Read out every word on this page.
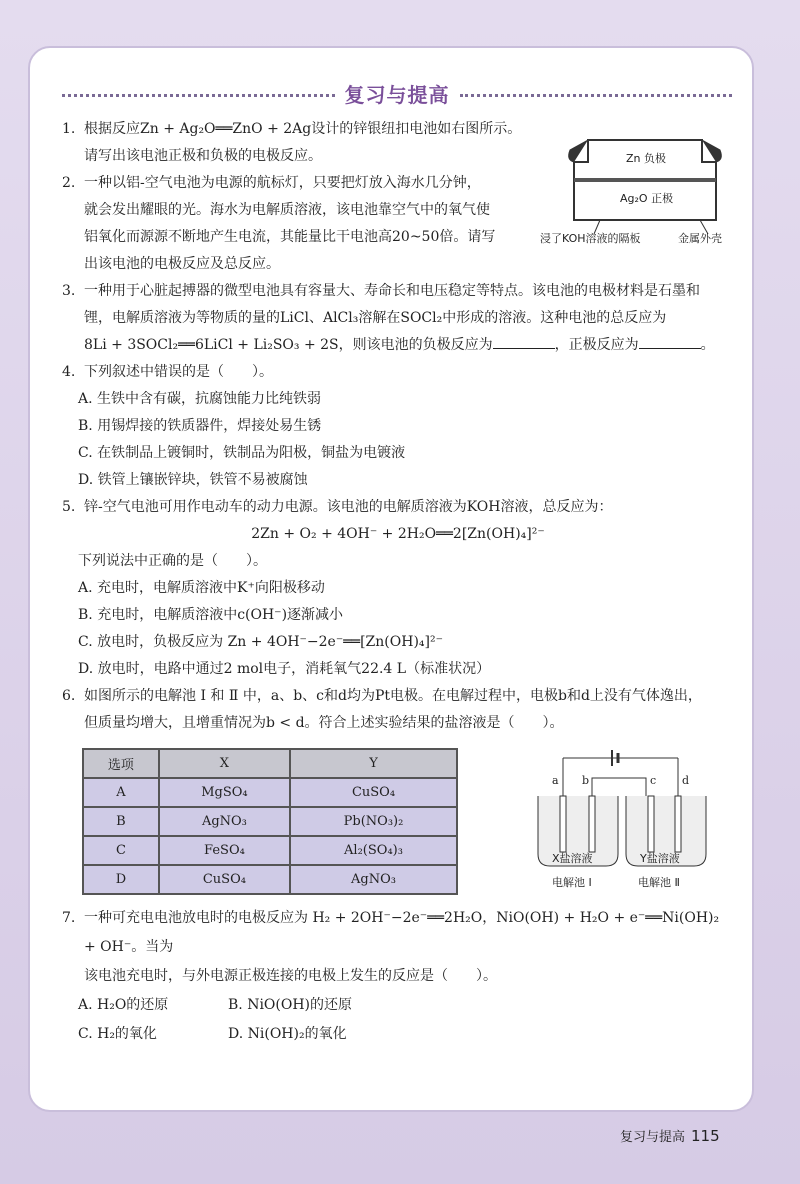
复习与提高
Zn 负极
Ag₂O 正极
浸了KOH溶液的隔板	金属外壳
1. 根据反应Zn + Ag₂O══ZnO + 2Ag设计的锌银纽扣电池如右图所示。
请写出该电池正极和负极的电极反应。
2. 一种以铝-空气电池为电源的航标灯，只要把灯放入海水几分钟，
就会发出耀眼的光。海水为电解质溶液，该电池靠空气中的氧气使
铝氧化而源源不断地产生电流，其能量比干电池高20~50倍。请写
出该电池的电极反应及总反应。
3. 一种用于心脏起搏器的微型电池具有容量大、寿命长和电压稳定等特点。该电池的电极材料是石墨和
锂，电解质溶液为等物质的量的LiCl、AlCl₃溶解在SOCl₂中形成的溶液。这种电池的总反应为
8Li + 3SOCl₂══6LiCl + Li₂SO₃ + 2S，则该电池的负极反应为	，正极反应为	。
4. 下列叙述中错误的是（　　）。
A. 生铁中含有碳，抗腐蚀能力比纯铁弱
B. 用锡焊接的铁质器件，焊接处易生锈
C. 在铁制品上镀铜时，铁制品为阳极，铜盐为电镀液
D. 铁管上镶嵌锌块，铁管不易被腐蚀
5. 锌-空气电池可用作电动车的动力电源。该电池的电解质溶液为KOH溶液，总反应为：
2Zn + O₂ + 4OH⁻ + 2H₂O══2[Zn(OH)₄]²⁻
下列说法中正确的是（　　）。
A. 充电时，电解质溶液中K⁺向阳极移动
B. 充电时，电解质溶液中c(OH⁻)逐渐减小
C. 放电时，负极反应为 Zn + 4OH⁻−2e⁻══[Zn(OH)₄]²⁻
D. 放电时，电路中通过2 mol电子，消耗氧气22.4 L（标准状况）
6. 如图所示的电解池 Ⅰ 和 Ⅱ 中，a、b、c和d均为Pt电极。在电解过程中，电极b和d上没有气体逸出，
但质量均增大，且增重情况为b < d。符合上述实验结果的盐溶液是（　　）。
选项	X	Y
A	MgSO₄	CuSO₄
B	AgNO₃	Pb(NO₃)₂
C	FeSO₄	Al₂(SO₄)₃
D	CuSO₄	AgNO₃
a b	c d
X盐溶液	Y盐溶液
电解池 Ⅰ	电解池 Ⅱ
7. 一种可充电电池放电时的电极反应为 H₂ + 2OH⁻−2e⁻══2H₂O，NiO(OH) + H₂O + e⁻══Ni(OH)₂ + OH⁻。当为
该电池充电时，与外电源正极连接的电极上发生的反应是（　　）。
A. H₂O的还原	B. NiO(OH)的还原
C. H₂的氧化	D. Ni(OH)₂的氧化
复习与提高 115
